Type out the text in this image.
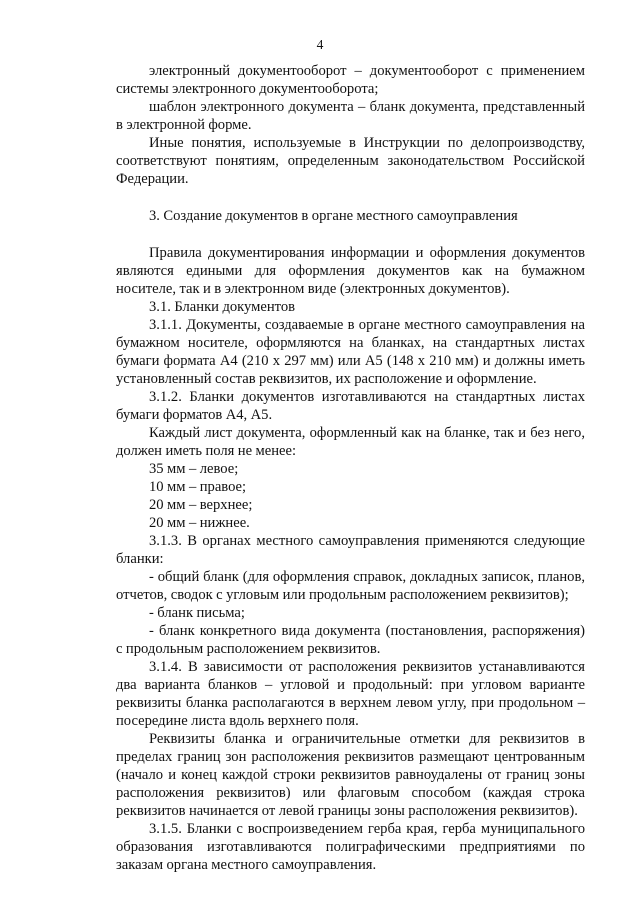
4

электронный документооборот – документооборот с применением системы электронного документооборота;

шаблон электронного документа – бланк документа, представленный в электронной форме.

Иные понятия, используемые в Инструкции по делопроизводству, соответствуют понятиям, определенным законодательством Российской Федерации.

3. Создание документов в органе местного самоуправления

Правила документирования информации и оформления документов являются едиными для оформления документов как на бумажном носителе, так и в электронном виде (электронных документов).

3.1. Бланки документов

3.1.1. Документы, создаваемые в органе местного самоуправления на бумажном носителе, оформляются на бланках, на стандартных листах бумаги формата А4 (210 х 297 мм) или А5 (148 х 210 мм) и должны иметь установленный состав реквизитов, их расположение и оформление.

3.1.2. Бланки документов изготавливаются на стандартных листах бумаги форматов А4, А5.

Каждый лист документа, оформленный как на бланке, так и без него, должен иметь поля не менее:

35 мм – левое;

10 мм – правое;

20 мм – верхнее;

20 мм – нижнее.

3.1.3. В органах местного самоуправления применяются следующие бланки:

- общий бланк (для оформления справок, докладных записок, планов, отчетов, сводок с угловым или продольным расположением реквизитов);

- бланк письма;

- бланк конкретного вида документа (постановления, распоряжения) с продольным расположением реквизитов.

3.1.4. В зависимости от расположения реквизитов устанавливаются два варианта бланков – угловой и продольный: при угловом варианте реквизиты бланка располагаются в верхнем левом углу, при продольном – посередине листа вдоль верхнего поля.

Реквизиты бланка и ограничительные отметки для реквизитов в пределах границ зон расположения реквизитов размещают центрованным (начало и конец каждой строки реквизитов равноудалены от границ зоны расположения реквизитов) или флаговым способом (каждая строка реквизитов начинается от левой границы зоны расположения реквизитов).

3.1.5. Бланки с воспроизведением герба края, герба муниципального образования изготавливаются полиграфическими предприятиями по заказам органа местного самоуправления.
